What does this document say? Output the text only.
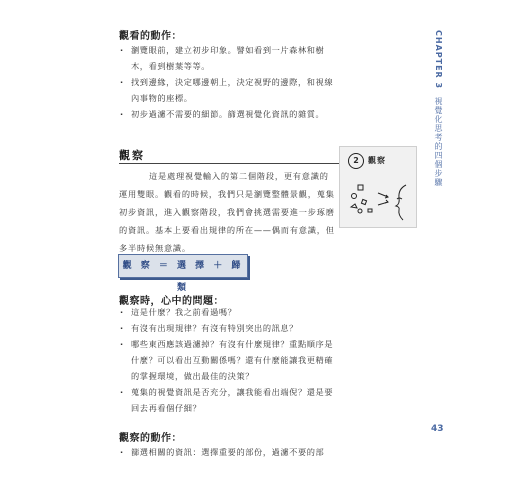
觀看的動作：
· 瀏覽眼前，建立初步印象。譬如看到一片森林和樹
木，看到樹葉等等。
· 找到邊緣，決定哪邊朝上，決定視野的邊際，和視線
內事物的座標。
· 初步過濾不需要的細節。篩選視覺化資訊的雜質。
觀察

這是處理視覺輸入的第二個階段，更有意識的運用雙眼。觀看的時候，我們只是瀏覽整體景觀，蒐集初步資訊，進入觀察階段，我們會挑選需要進一步琢磨的資訊。基本上要看出規律的所在——偶而有意識，但多半時候無意識。

2	觀察
觀 察 ＝ 選 擇 ＋ 歸 類
觀察時，心中的問題：
· 這是什麼？我之前看過嗎？
· 有沒有出現規律？有沒有特別突出的訊息？
· 哪些東西應該過濾掉？有沒有什麼規律？重點順序是
什麼？可以看出互動關係嗎？還有什麼能讓我更精確
的掌握環境，做出最佳的決策？
· 蒐集的視覺資訊是否充分，讓我能看出端倪？還是要
回去再看個仔細？
觀察的動作：
· 篩選相關的資訊：選擇重要的部份，過濾不要的部
CHAPTER 3 視覺化思考的四個步驟
43
